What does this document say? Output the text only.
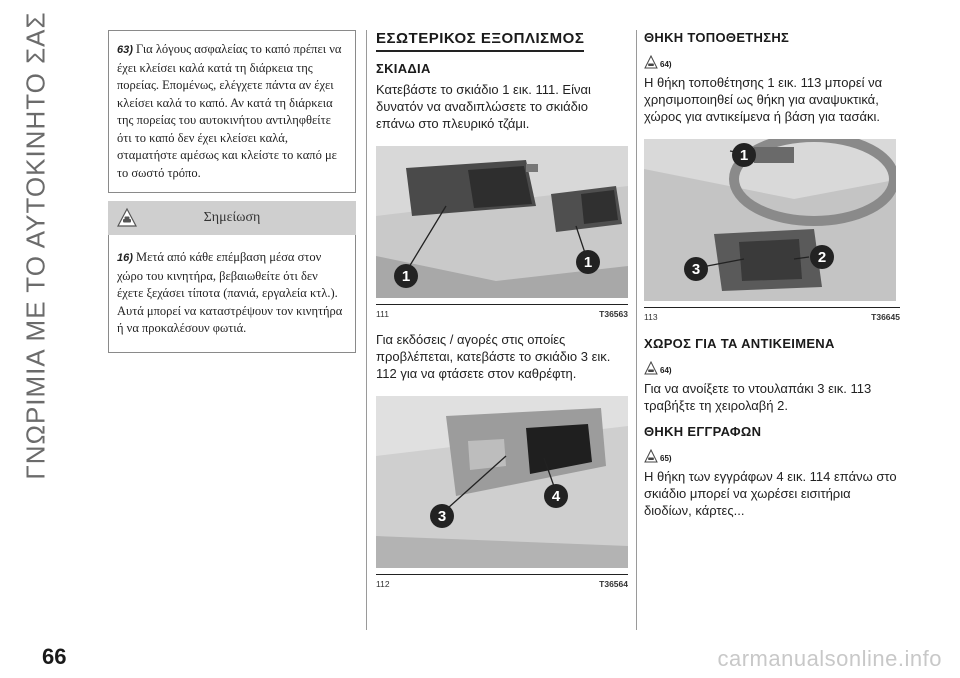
ΓΝΩΡΙΜΙΑ ΜΕ ΤΟ ΑΥΤΟΚΙΝΗΤΟ ΣΑΣ	63) Για λόγους ασφαλείας το καπό πρέπει να έχει κλείσει καλά κατά τη διάρκεια της πορείας. Επομένως, ελέγχετε πάντα αν έχει κλείσει καλά το καπό. Αν κατά τη διάρκεια της πορείας του αυτοκινήτου αντιληφθείτε ότι το καπό δεν έχει κλείσει καλά, σταματήστε αμέσως και κλείστε το καπό με το σωστό τρόπο.
Σημείωση
16) Μετά από κάθε επέμβαση μέσα στον χώρο του κινητήρα, βεβαιωθείτε ότι δεν έχετε ξεχάσει τίποτα (πανιά, εργαλεία κτλ.). Αυτά μπορεί να καταστρέψουν τον κινητήρα ή να προκαλέσουν φωτιά.
ΕΣΩΤΕΡΙΚΟΣ ΕΞΟΠΛΙΣΜΟΣ
ΣΚΙΑΔΙΑ
Κατεβάστε το σκιάδιο 1 εικ. 111. Είναι δυνατόν να αναδιπλώσετε το σκιάδιο επάνω στο πλευρικό τζάμι.
1
1
111	T36563
Για εκδόσεις / αγορές στις οποίες προβλέπεται, κατεβάστε το σκιάδιο 3 εικ. 112 για να φτάσετε στον καθρέφτη.
3
4
112	T36564
ΘΗΚΗ ΤΟΠΟΘΕΤΗΣΗΣ
64)
Η θήκη τοποθέτησης 1 εικ. 113 μπορεί να χρησιμοποιηθεί ως θήκη για αναψυκτικά, χώρος για αντικείμενα ή βάση για τασάκι.
1
3
2
113	T36645
ΧΩΡΟΣ ΓΙΑ ΤΑ ΑΝΤΙΚΕΙΜΕΝΑ
64)
Για να ανοίξετε το ντουλαπάκι 3 εικ. 113 τραβήξτε τη χειρολαβή 2.
ΘΗΚΗ ΕΓΓΡΑΦΩΝ
65)
Η θήκη των εγγράφων 4 εικ. 114 επάνω στο σκιάδιο μπορεί να χωρέσει εισιτήρια διοδίων, κάρτες...
66	carmanualsonline.info
